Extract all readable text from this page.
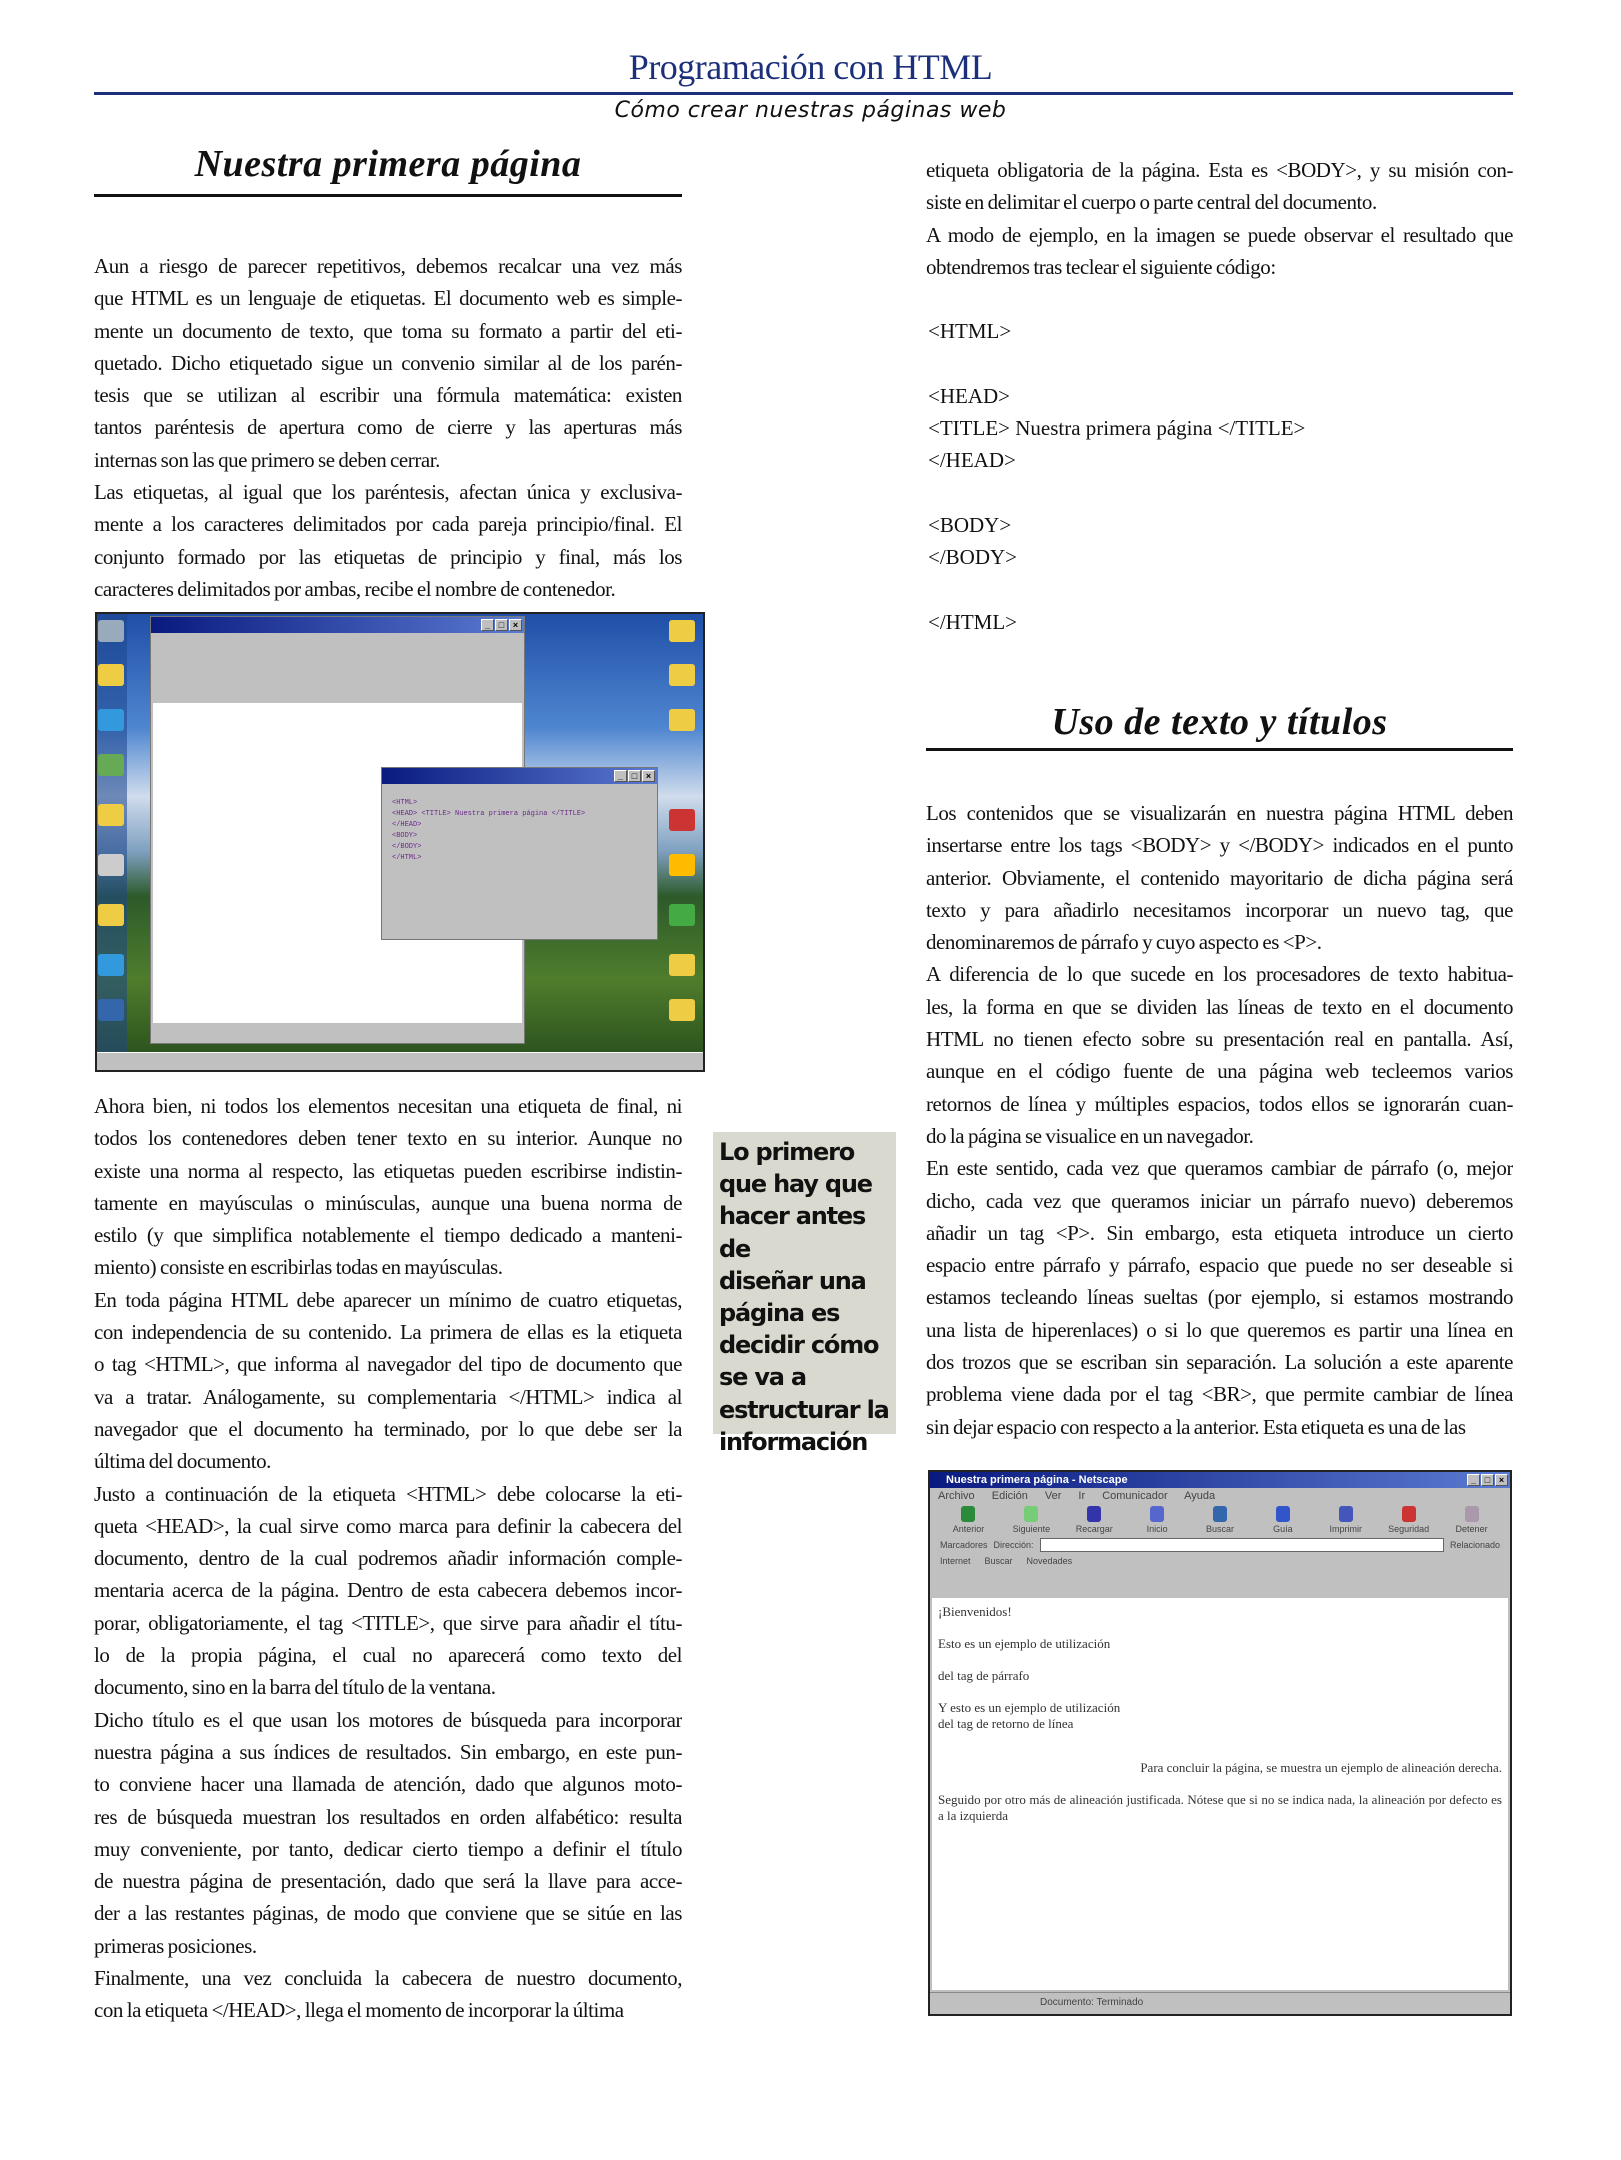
Programación con HTML
Cómo crear nuestras páginas web
Nuestra primera página
Aun a riesgo de parecer repetitivos, debemos recalcar una vez más
que HTML es un lenguaje de etiquetas. El documento web es simple-
mente un documento de texto, que toma su formato a partir del eti-
quetado. Dicho etiquetado sigue un convenio similar al de los parén-
tesis que se utilizan al escribir una fórmula matemática: existen
tantos paréntesis de apertura como de cierre y las aperturas más
internas son las que primero se deben cerrar.
Las etiquetas, al igual que los paréntesis, afectan única y exclusiva-
mente a los caracteres delimitados por cada pareja principio/final. El
conjunto formado por las etiquetas de principio y final, más los
caracteres delimitados por ambas, recibe el nombre de contenedor.
_ □ ×
_ □ ×
<HTML>
<HEAD> <TITLE> Nuestra primera página </TITLE>
</HEAD>
<BODY>
</BODY>
</HTML>
Ahora bien, ni todos los elementos necesitan una etiqueta de final, ni
todos los contenedores deben tener texto en su interior. Aunque no
existe una norma al respecto, las etiquetas pueden escribirse indistin-
tamente en mayúsculas o minúsculas, aunque una buena norma de
estilo (y que simplifica notablemente el tiempo dedicado a manteni-
miento) consiste en escribirlas todas en mayúsculas.
En toda página HTML debe aparecer un mínimo de cuatro etiquetas,
con independencia de su contenido. La primera de ellas es la etiqueta
o tag <HTML>, que informa al navegador del tipo de documento que
va a tratar. Análogamente, su complementaria </HTML> indica al
navegador que el documento ha terminado, por lo que debe ser la
última del documento.
Justo a continuación de la etiqueta <HTML> debe colocarse la eti-
queta <HEAD>, la cual sirve como marca para definir la cabecera del
documento, dentro de la cual podremos añadir información comple-
mentaria acerca de la página. Dentro de esta cabecera debemos incor-
porar, obligatoriamente, el tag <TITLE>, que sirve para añadir el títu-
lo de la propia página, el cual no aparecerá como texto del
documento, sino en la barra del título de la ventana.
Dicho título es el que usan los motores de búsqueda para incorporar
nuestra página a sus índices de resultados. Sin embargo, en este pun-
to conviene hacer una llamada de atención, dado que algunos moto-
res de búsqueda muestran los resultados en orden alfabético: resulta
muy conveniente, por tanto, dedicar cierto tiempo a definir el título
de nuestra página de presentación, dado que será la llave para acce-
der a las restantes páginas, de modo que conviene que se sitúe en las
primeras posiciones.
Finalmente, una vez concluida la cabecera de nuestro documento,
con la etiqueta </HEAD>, llega el momento de incorporar la última
Lo primero
que hay que
hacer antes de
diseñar una
página es
decidir cómo
se va a
estructurar la
información
etiqueta obligatoria de la página. Esta es <BODY>, y su misión con-
siste en delimitar el cuerpo o parte central del documento.
A modo de ejemplo, en la imagen se puede observar el resultado que
obtendremos tras teclear el siguiente código:
<HTML>

<HEAD>
<TITLE> Nuestra primera página </TITLE>
</HEAD>

<BODY>
</BODY>

</HTML>
Uso de texto y títulos
Los contenidos que se visualizarán en nuestra página HTML deben
insertarse entre los tags <BODY> y </BODY> indicados en el punto
anterior. Obviamente, el contenido mayoritario de dicha página será
texto y para añadirlo necesitamos incorporar un nuevo tag, que
denominaremos de párrafo y cuyo aspecto es <P>.
A diferencia de lo que sucede en los procesadores de texto habitua-
les, la forma en que se dividen las líneas de texto en el documento
HTML no tienen efecto sobre su presentación real en pantalla. Así,
aunque en el código fuente de una página web tecleemos varios
retornos de línea y múltiples espacios, todos ellos se ignorarán cuan-
do la página se visualice en un navegador.
En este sentido, cada vez que queramos cambiar de párrafo (o, mejor
dicho, cada vez que queramos iniciar un párrafo nuevo) deberemos
añadir un tag <P>. Sin embargo, esta etiqueta introduce un cierto
espacio entre párrafo y párrafo, espacio que puede no ser deseable si
estamos tecleando líneas sueltas (por ejemplo, si estamos mostrando
una lista de hiperenlaces) o si lo que queremos es partir una línea en
dos trozos que se escriban sin separación. La solución a este aparente
problema viene dada por el tag <BR>, que permite cambiar de línea
sin dejar espacio con respecto a la anterior. Esta etiqueta es una de las
Nuestra primera página - Netscape	_ □ ×
Archivo Edición Ver Ir Comunicador Ayuda
Anterior	Siguiente	Recargar	Inicio	Buscar	Guía	Imprimir	Seguridad	Detener
Marcadores Dirección:	Relacionado
Internet Buscar Novedades
¡Bienvenidos!
Esto es un ejemplo de utilización
del tag de párrafo
Y esto es un ejemplo de utilización
del tag de retorno de línea
Para concluir la página, se muestra un ejemplo de alineación derecha.
Seguido por otro más de alineación justificada. Nótese que si no se indica nada, la alineación por defecto es a la izquierda
Documento: Terminado
